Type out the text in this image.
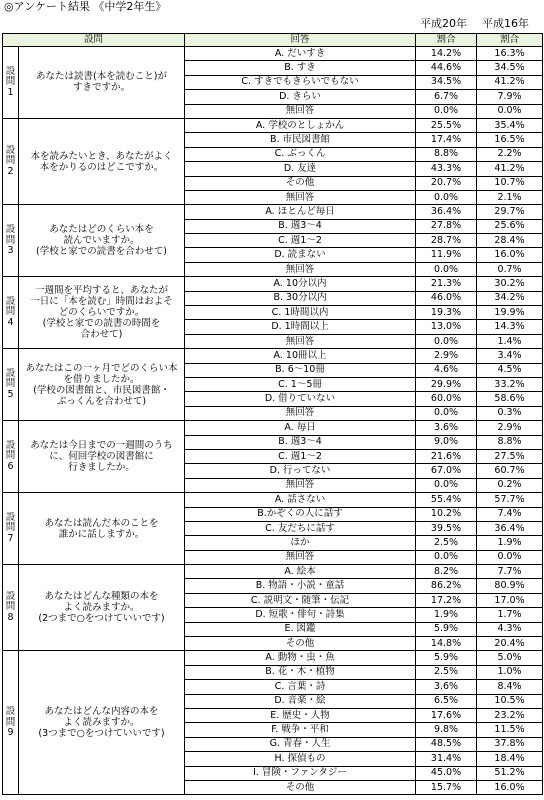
◎アンケート結果 《中学2年生》
平成20年 平成16年
設問		回答	割合	割合

設問1	あなたは読書(本を読むこと)が
すきですか。	A. だいすき	14.2%	16.3%
		B. すき	44.6%	34.5%
		C. すきでもきらいでもない	34.5%	41.2%
		D. きらい	6.7%	7.9%
		無回答	0.0%	0.0%

設問2	本を読みたいとき、あなたがよく
本をかりるのはどこですか。	A. 学校のとしょかん	25.5%	35.4%
		B. 市民図書館	17.4%	16.5%
		C. ぶっくん	8.8%	2.2%
		D. 友達	43.3%	41.2%
		その他	20.7%	10.7%
		無回答	0.0%	2.1%

設問3	あなたはどのくらい本を
読んでいますか。
(学校と家での読書を合わせて)	A. ほとんど毎日	36.4%	29.7%
		B. 週3～4	27.8%	25.6%
		C. 週1～2	28.7%	28.4%
		D. 読まない	11.9%	16.0%
		無回答	0.0%	0.7%

設問4	一週間を平均すると、あなたが
一日に「本を読む」時間はおよそ
どのくらいですか。
(学校と家での読書の時間を
合わせて)	A. 10分以内	21.3%	30.2%
		B. 30分以内	46.0%	34.2%
		C. 1時間以内	19.3%	19.9%
		D. 1時間以上	13.0%	14.3%
		無回答	0.0%	1.4%

設問5	あなたはこの一ヶ月でどのくらい本
を借りましたか。
(学校の図書館と、市民図書館・
ぶっくんを合わせて)	A. 10冊以上	2.9%	3.4%
		B. 6～10冊	4.6%	4.5%
		C. 1～5冊	29.9%	33.2%
		D. 借りていない	60.0%	58.6%
		無回答	0.0%	0.3%

設問6	あなたは今日までの一週間のうち
に、何回学校の図書館に
行きましたか。	A. 毎日	3.6%	2.9%
		B. 週3～4	9.0%	8.8%
		C. 週1～2	21.6%	27.5%
		D. 行ってない	67.0%	60.7%
		無回答	0.0%	0.2%

設問7	あなたは読んだ本のことを
誰かに話しますか。	A. 話さない	55.4%	57.7%
		B.かぞくの人に話す	10.2%	7.4%
		C. 友だちに話す	39.5%	36.4%
		ほか	2.5%	1.9%
		無回答	0.0%	0.0%

設問8	あなたはどんな種類の本を
よく読みますか。
(2つまで○をつけていいです)	A. 絵本	8.2%	7.7%
		B. 物語・小説・童話	86.2%	80.9%
		C. 説明文・随筆・伝記	17.2%	17.0%
		D. 短歌・俳句・詩集	1.9%	1.7%
		E. 図鑑	5.9%	4.3%
		その他	14.8%	20.4%

設問9	あなたはどんな内容の本を
よく読みますか。
(3つまで○をつけていいです)	A. 動物・虫・魚	5.9%	5.0%
		B. 花・木・植物	2.5%	1.0%
		C. 言葉・詩	3.6%	8.4%
		D. 音楽・絵	6.5%	10.5%
		E. 歴史・人物	17.6%	23.2%
		F. 戦争・平和	9.8%	11.5%
		G. 青春・人生	48.5%	37.8%
		H. 探偵もの	31.4%	18.4%
		I. 冒険・ファンタジー	45.0%	51.2%
		その他	15.7%	16.0%
